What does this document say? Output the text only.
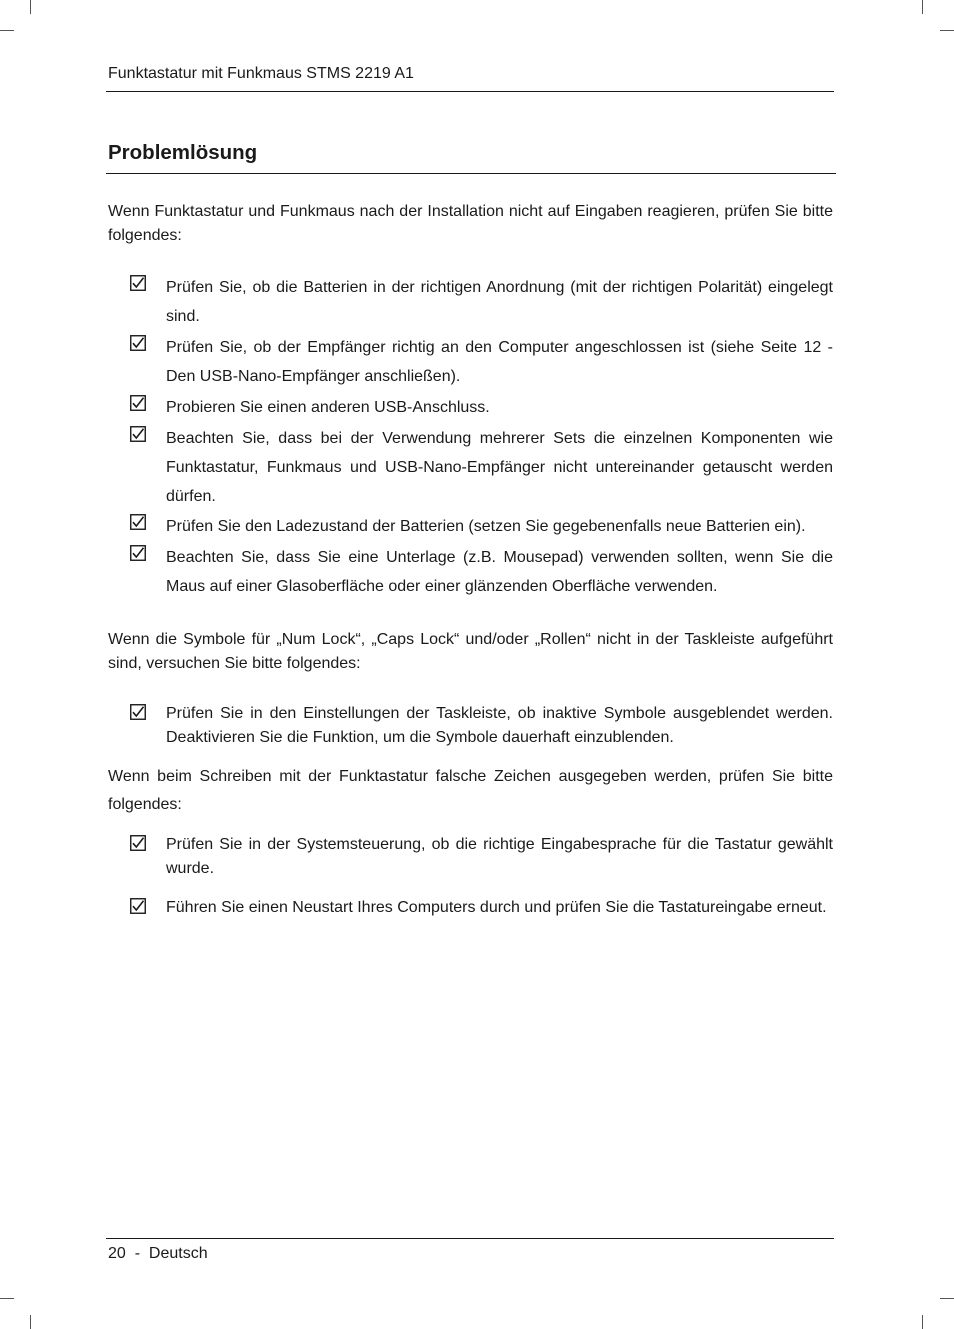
Funktastatur mit Funkmaus STMS 2219 A1
Problemlösung

Wenn Funktastatur und Funkmaus nach der Installation nicht auf Eingaben reagieren, prüfen Sie bitte folgendes:

Prüfen Sie, ob die Batterien in der richtigen Anordnung (mit der richtigen Polarität) eingelegt sind.
Prüfen Sie, ob der Empfänger richtig an den Computer angeschlossen ist (siehe Seite 12 - Den USB-Nano-Empfänger anschließen).
Probieren Sie einen anderen USB-Anschluss.
Beachten Sie, dass bei der Verwendung mehrerer Sets die einzelnen Komponenten wie Funktastatur, Funkmaus und USB-Nano-Empfänger nicht untereinander getauscht werden dürfen.
Prüfen Sie den Ladezustand der Batterien (setzen Sie gegebenenfalls neue Batterien ein).
Beachten Sie, dass Sie eine Unterlage (z.B. Mousepad) verwenden sollten, wenn Sie die Maus auf einer Glasoberfläche oder einer glänzenden Oberfläche verwenden.

Wenn die Symbole für „Num Lock“, „Caps Lock“ und/oder „Rollen“ nicht in der Taskleiste aufgeführt sind, versuchen Sie bitte folgendes:

Prüfen Sie in den Einstellungen der Taskleiste, ob inaktive Symbole ausgeblendet werden. Deaktivieren Sie die Funktion, um die Symbole dauerhaft einzublenden.

Wenn beim Schreiben mit der Funktastatur falsche Zeichen ausgegeben werden, prüfen Sie bitte folgendes:

Prüfen Sie in der Systemsteuerung, ob die richtige Eingabesprache für die Tastatur gewählt wurde.
Führen Sie einen Neustart Ihres Computers durch und prüfen Sie die Tastatureingabe erneut.
20  -  Deutsch
